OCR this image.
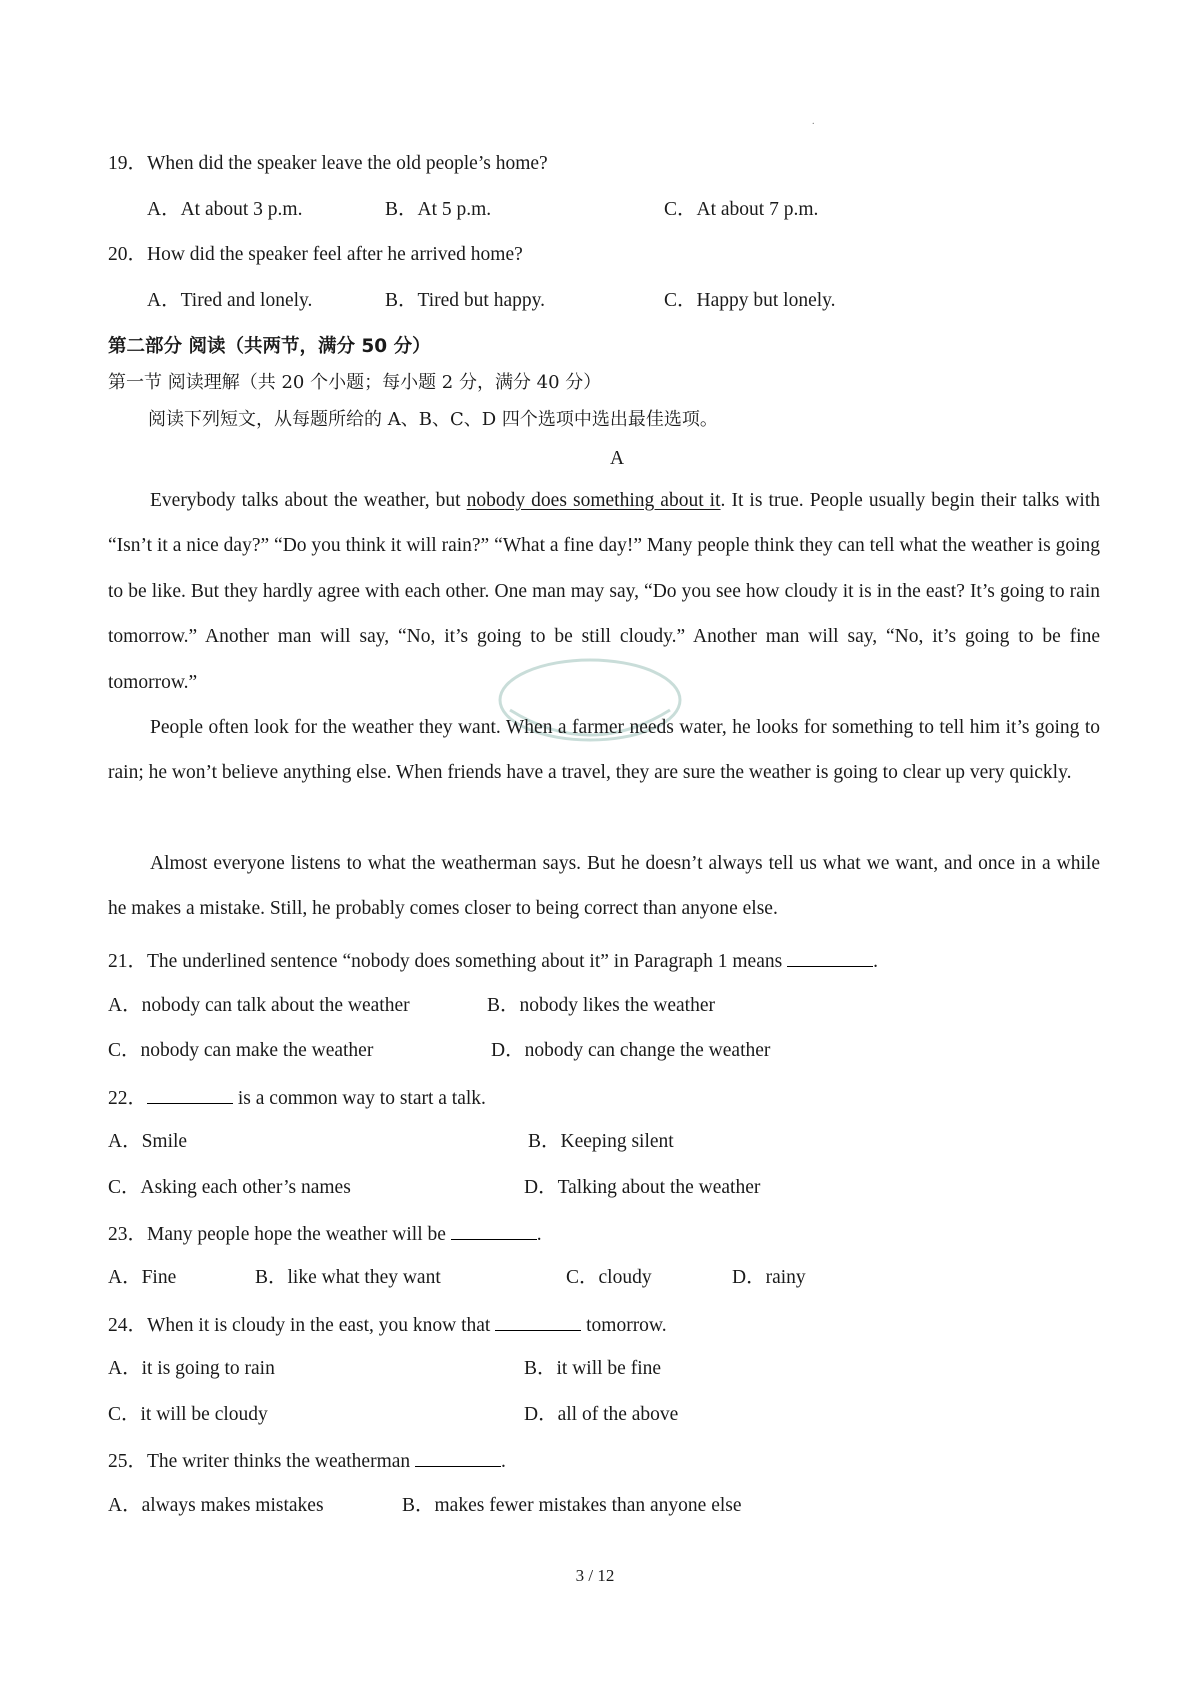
.
19．When did the speaker leave the old people’s home?
A．At about 3 p.m.	B．At 5 p.m.	C．At about 7 p.m.
20．How did the speaker feel after he arrived home?
A．Tired and lonely.	B．Tired but happy.	C．Happy but lonely.
第二部分 阅读（共两节，满分 50 分）
第一节 阅读理解（共 20 个小题；每小题 2 分，满分 40 分）
阅读下列短文，从每题所给的 A、B、C、D 四个选项中选出最佳选项。
A

Everybody talks about the weather, but nobody does something about it. It is true. People usually begin their talks with “Isn’t it a nice day?” “Do you think it will rain?” “What a fine day!” Many people think they can tell what the weather is going to be like. But they hardly agree with each other. One man may say, “Do you see how cloudy it is in the east? It’s going to rain tomorrow.” Another man will say, “No, it’s going to be still cloudy.” Another man will say, “No, it’s going to be fine tomorrow.”

People often look for the weather they want. When a farmer needs water, he looks for something to tell him it’s going to rain; he won’t believe anything else. When friends have a travel, they are sure the weather is going to clear up very quickly.

Almost everyone listens to what the weatherman says. But he doesn’t always tell us what we want, and once in a while he makes a mistake. Still, he probably comes closer to being correct than anyone else.

21．The underlined sentence “nobody does something about it” in Paragraph 1 means	.
A．nobody can talk about the weather	B．nobody likes the weather
C．nobody can make the weather	D．nobody can change the weather
22．	is a common way to start a talk.
A．Smile	B．Keeping silent
C．Asking each other’s names	D．Talking about the weather
23．Many people hope the weather will be	.
A．Fine	B．like what they want	C．cloudy	D．rainy
24．When it is cloudy in the east, you know that	tomorrow.
A．it is going to rain	B．it will be fine
C．it will be cloudy	D．all of the above
25．The writer thinks the weatherman	.
A．always makes mistakes	B．makes fewer mistakes than anyone else
3 / 12
